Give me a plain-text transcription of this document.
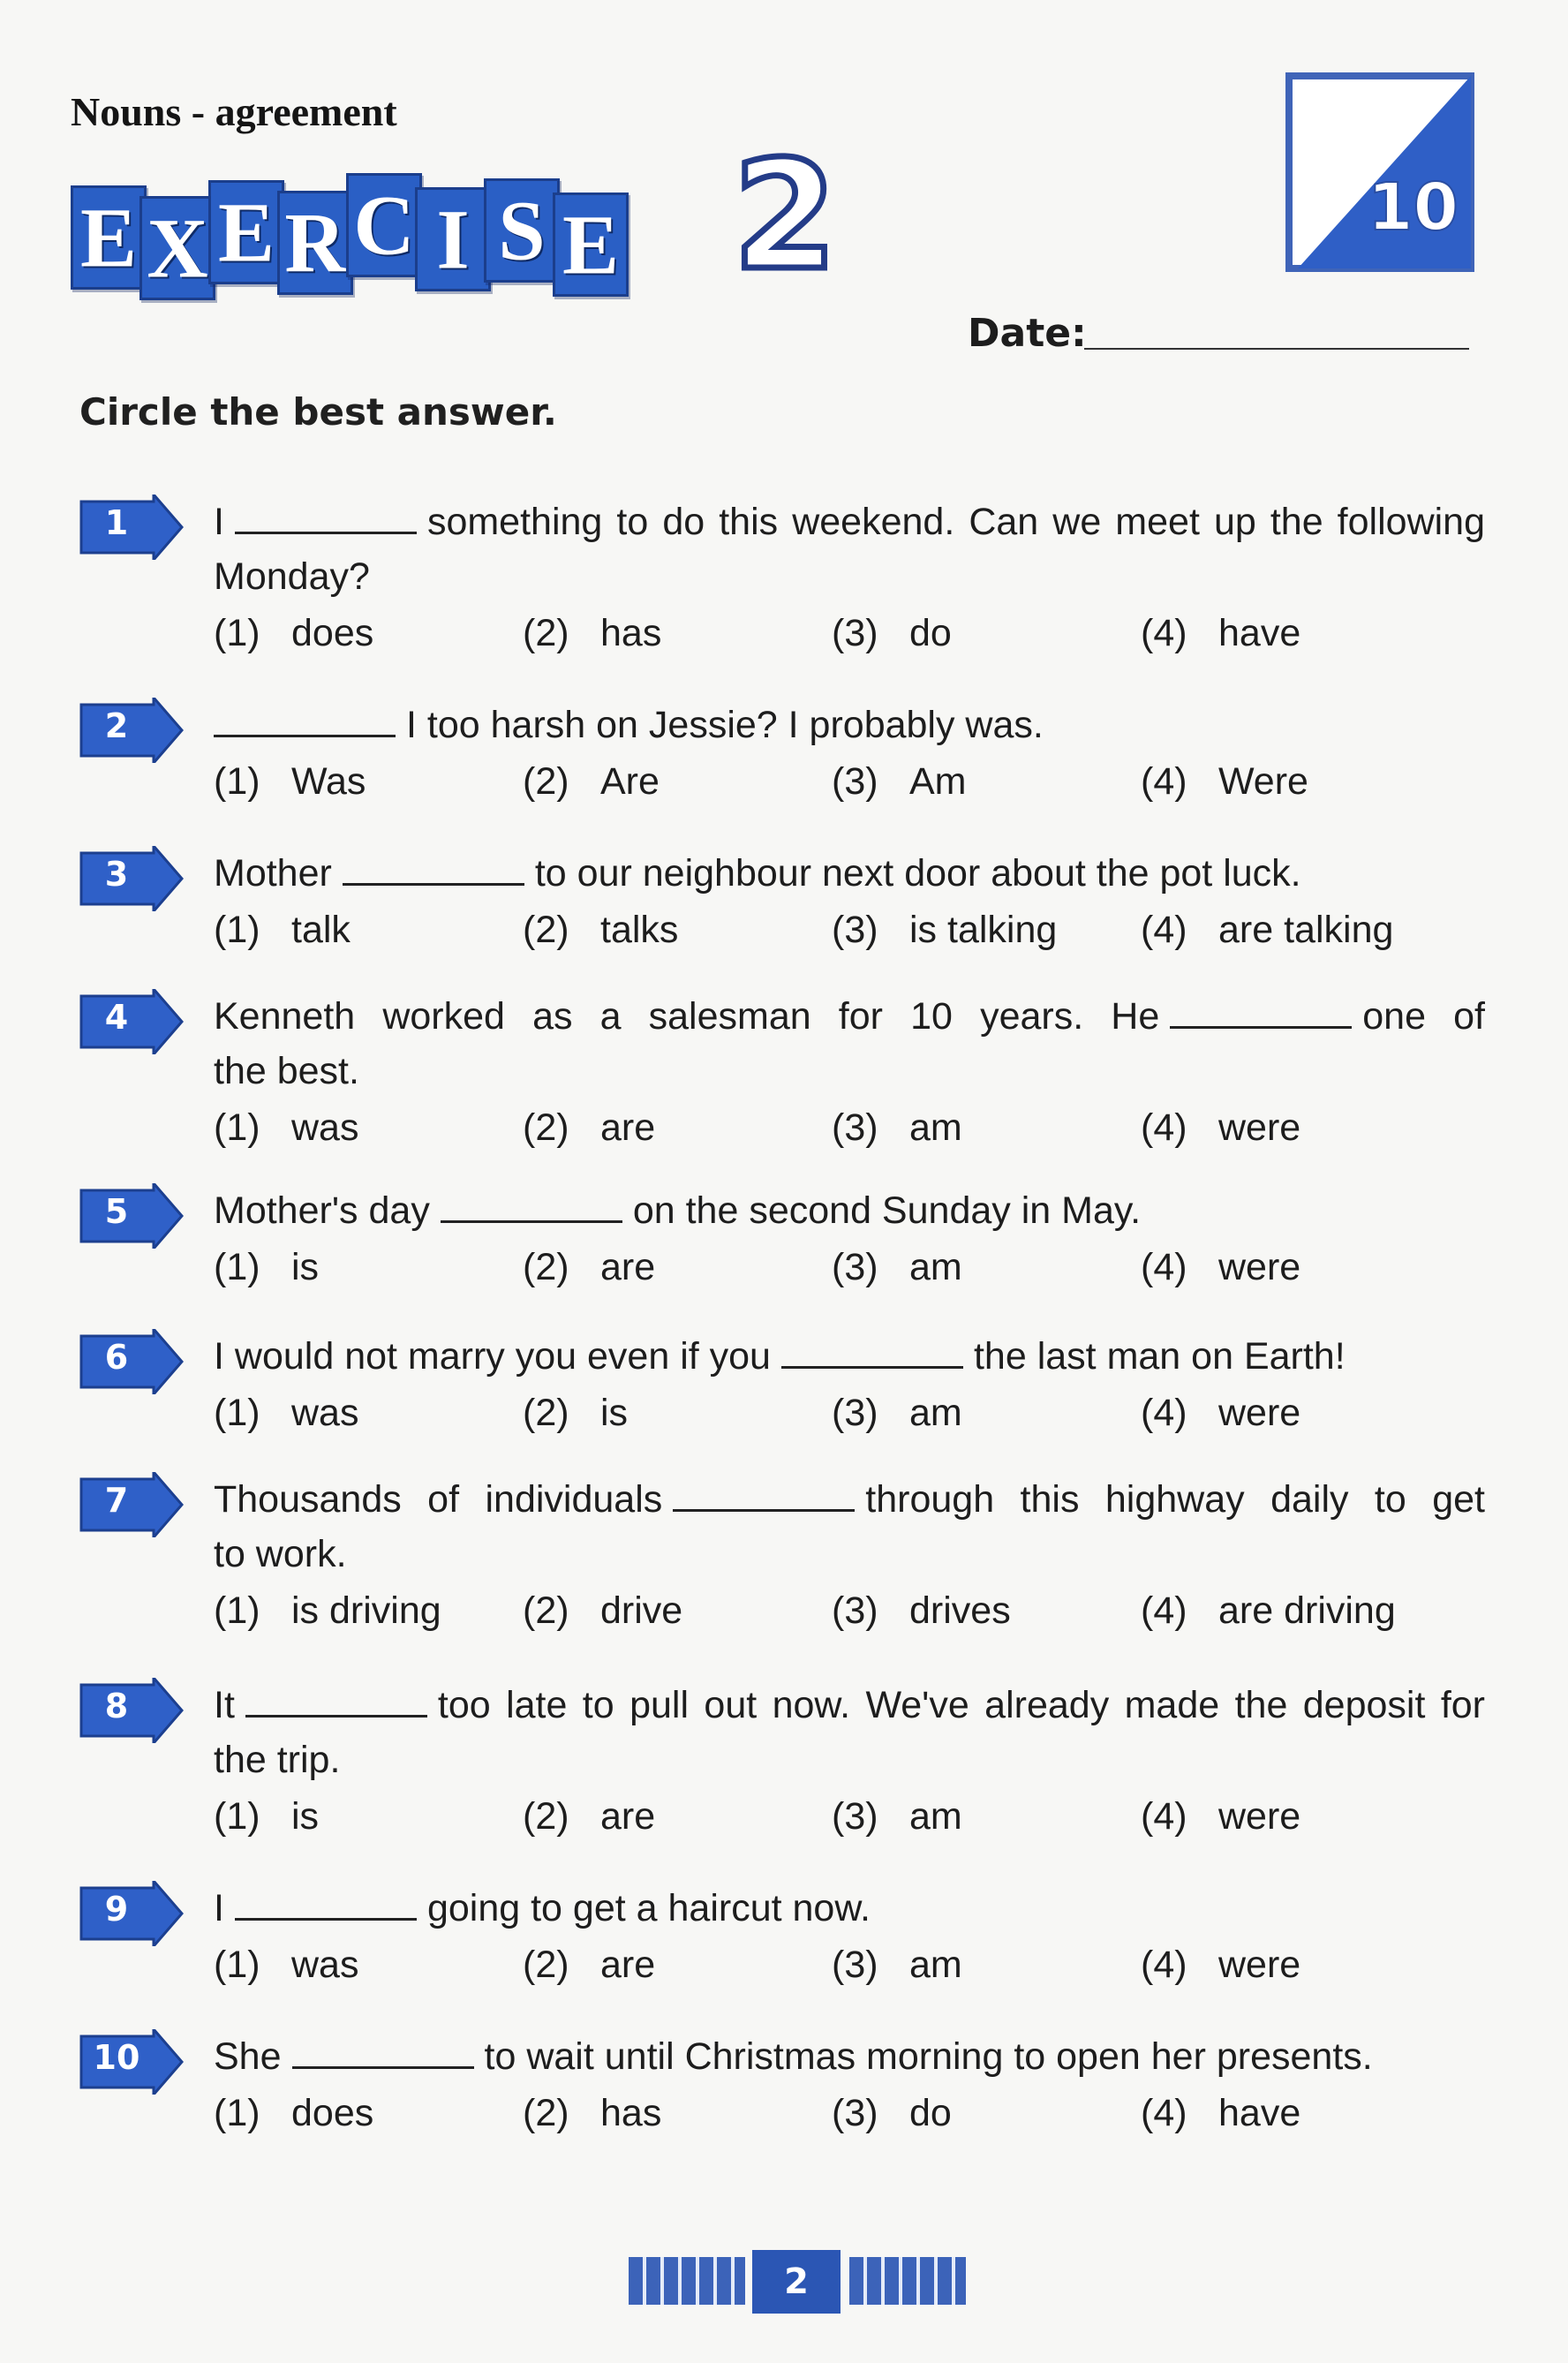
Nouns - agreement
E X E R C I S E 2	10
Date:
Circle the best answer.
1	I	something to do this weekend. Can we meet up the following
Monday?
(1) does	(2) has	(3) do	(4) have
2	I too harsh on Jessie? I probably was.
(1) Was	(2) Are	(3) Am	(4) Were
3	Mother	to our neighbour next door about the pot luck.
(1) talk	(2) talks	(3) is talking	(4) are talking
4	Kenneth worked as a salesman for 10 years. He	one of
the best.
(1) was	(2) are	(3) am	(4) were
5	Mother's day	on the second Sunday in May.
(1) is	(2) are	(3) am	(4) were
6	I would not marry you even if you	the last man on Earth!
(1) was	(2) is	(3) am	(4) were
7	Thousands of individuals	through this highway daily to get
to work.
(1) is driving	(2) drive	(3) drives	(4) are driving
8	It	too late to pull out now. We've already made the deposit for
the trip.
(1) is	(2) are	(3) am	(4) were
9	I	going to get a haircut now.
(1) was	(2) are	(3) am	(4) were
10 She	to wait until Christmas morning to open her presents.
(1) does	(2) has	(3) do	(4) have
2
